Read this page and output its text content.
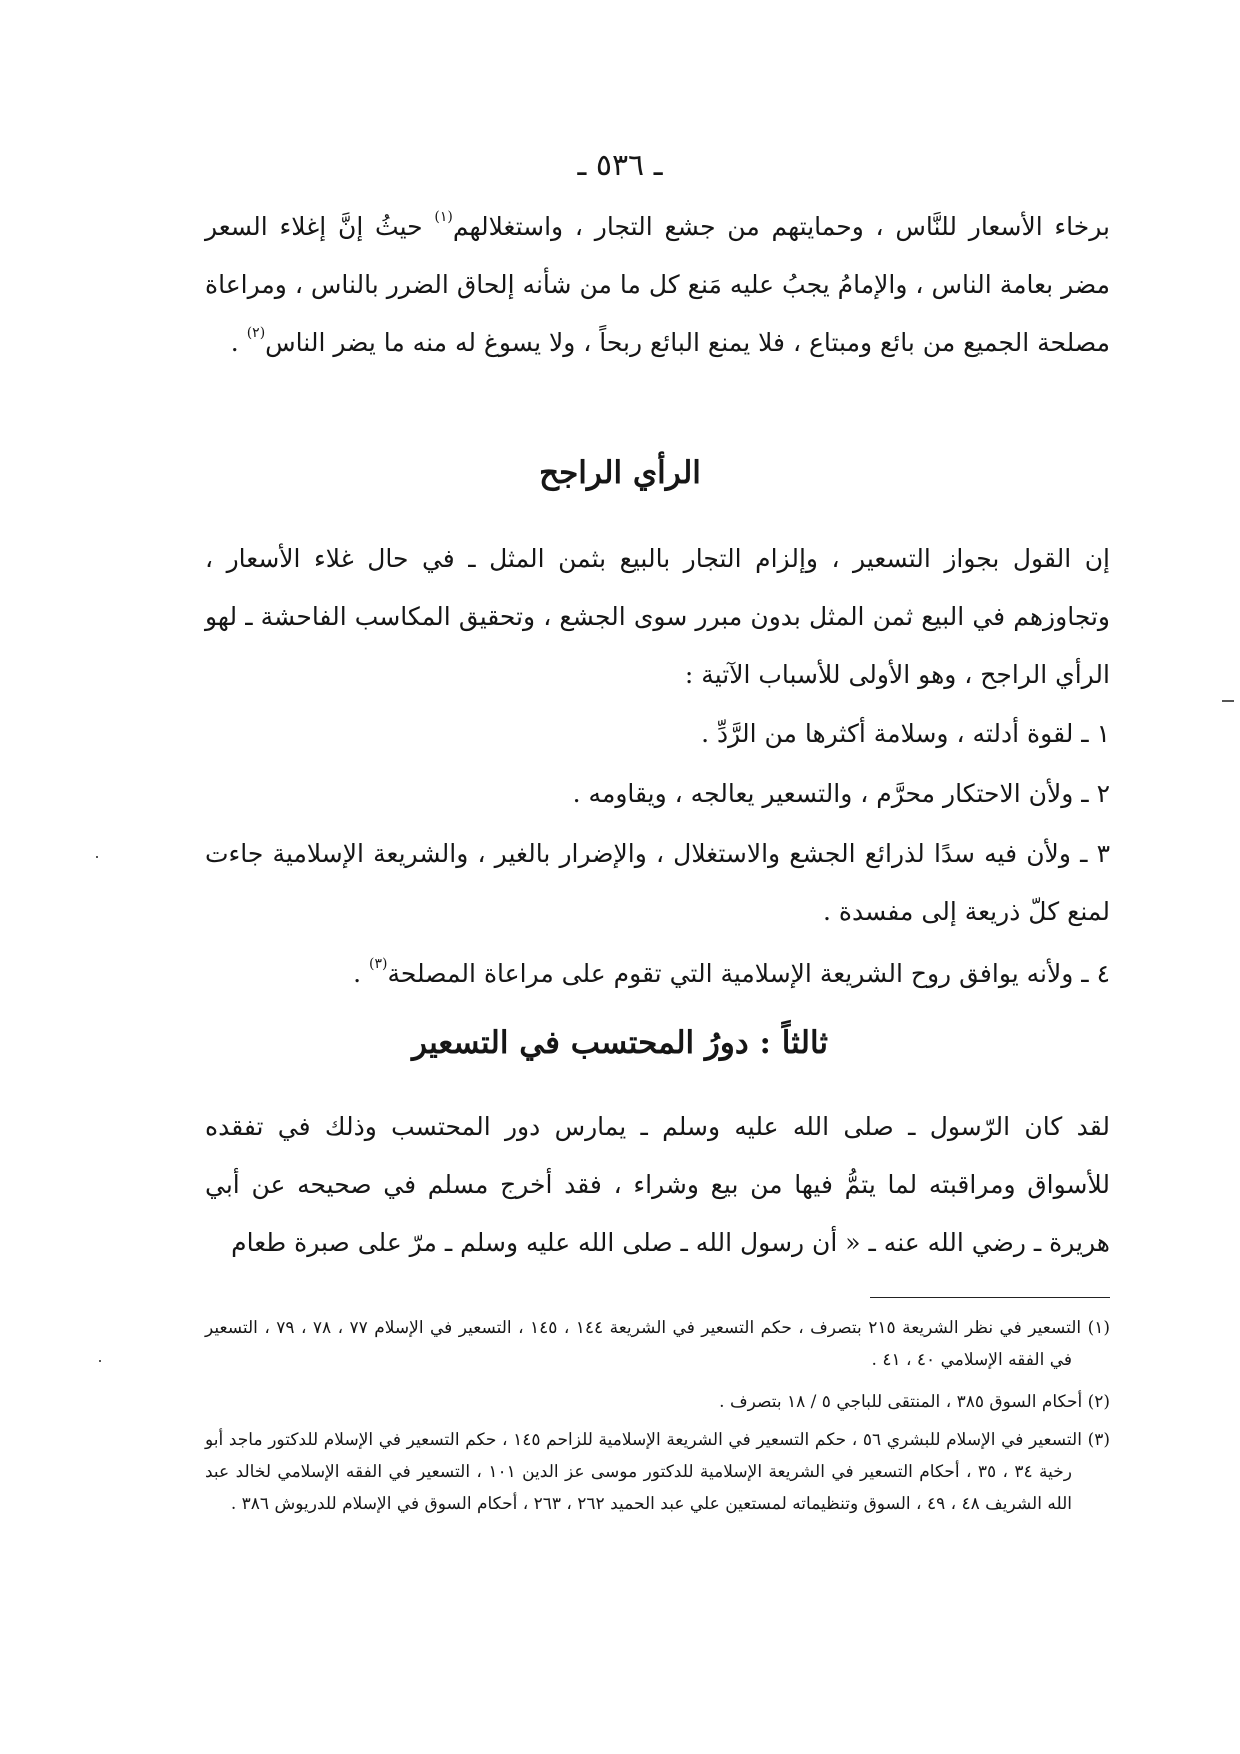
ـ ٥٣٦ ـ

برخاء الأسعار للنَّاس ، وحمايتهم من جشع التجار ، واستغلالهم$^{(١)}$ حيثُ إنَّ إغلاء السعر مضر بعامة الناس ، والإمامُ يجبُ عليه مَنع كل ما من شأنه إلحاق الضرر بالناس ، ومراعاة مصلحة الجميع من بائع ومبتاع ، فلا يمنع البائع ربحاً ، ولا يسوغ له منه ما يضر الناس$^{(٢)}$ .

الرأي الراجح

إن القول بجواز التسعير ، وإلزام التجار بالبيع بثمن المثل ـ في حال غلاء الأسعار ، وتجاوزهم في البيع ثمن المثل بدون مبرر سوى الجشع ، وتحقيق المكاسب الفاحشة ـ لهو الرأي الراجح ، وهو الأولى للأسباب الآتية :

١ ـ لقوة أدلته ، وسلامة أكثرها من الرَّدِّ .

٢ ـ ولأن الاحتكار محرَّم ، والتسعير يعالجه ، ويقاومه .

٣ ـ ولأن فيه سدًا لذرائع الجشع والاستغلال ، والإضرار بالغير ، والشريعة الإسلامية جاءت لمنع كلّ ذريعة إلى مفسدة .

٤ ـ ولأنه يوافق روح الشريعة الإسلامية التي تقوم على مراعاة المصلحة$^{(٣)}$ .

ثالثاً : دورُ المحتسب في التسعير

لقد كان الرّسول ـ صلى الله عليه وسلم ـ يمارس دور المحتسب وذلك في تفقده للأسواق ومراقبته لما يتمُّ فيها من بيع وشراء ، فقد أخرج مسلم في صحيحه عن أبي هريرة ـ رضي الله عنه ـ « أن رسول الله ـ صلى الله عليه وسلم ـ مرّ على صبرة طعام

(١) التسعير في نظر الشريعة ٢١٥ بتصرف ، حكم التسعير في الشريعة ١٤٤ ، ١٤٥ ، التسعير في الإسلام ٧٧ ، ٧٨ ، ٧٩ ، التسعير في الفقه الإسلامي ٤٠ ، ٤١ .

(٢) أحكام السوق ٣٨٥ ، المنتقى للباجي ٥ / ١٨ بتصرف .

(٣) التسعير في الإسلام للبشري ٥٦ ، حكم التسعير في الشريعة الإسلامية للزاحم ١٤٥ ، حكم التسعير في الإسلام للدكتور ماجد أبو رخية ٣٤ ، ٣٥ ، أحكام التسعير في الشريعة الإسلامية للدكتور موسى عز الدين ١٠١ ، التسعير في الفقه الإسلامي لخالد عبد الله الشريف ٤٨ ، ٤٩ ، السوق وتنظيماته لمستعين علي عبد الحميد ٢٦٢ ، ٢٦٣ ، أحكام السوق في الإسلام للدريوش ٣٨٦ .
